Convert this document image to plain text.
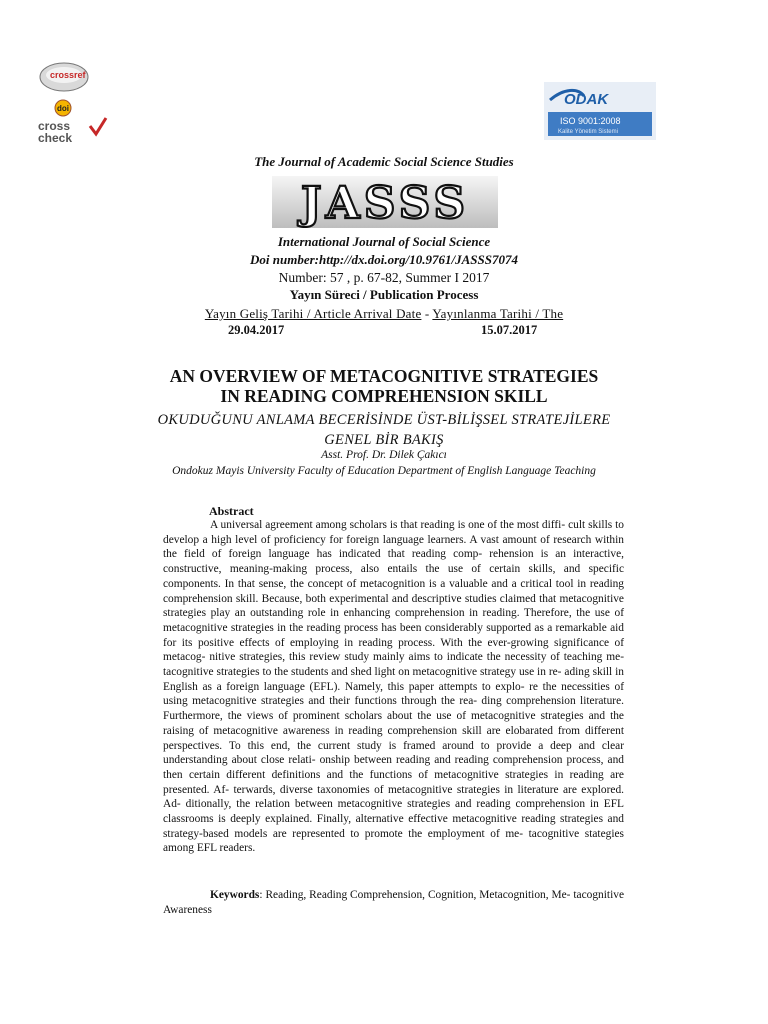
crossref
doi
cross
check
ODAK
ISO 9001:2008
Kalite Yönetim Sistemi
The Journal of Academic Social Science Studies
JASSS
International Journal of Social Science
Doi number:http://dx.doi.org/10.9761/JASSS7074
Number: 57 , p. 67-82, Summer I 2017
Yayın Süreci / Publication Process
Yayın Geliş Tarihi / Article Arrival Date - Yayınlanma Tarihi / The
29.04.2017	15.07.2017
AN OVERVIEW OF METACOGNITIVE STRATEGIES
IN READING COMPREHENSION SKILL
OKUDUĞUNU ANLAMA BECERİSİNDE ÜST-BİLİŞSEL STRATEJİLERE
GENEL BİR BAKIŞ
Asst. Prof. Dr. Dilek Çakıcı
Ondokuz Mayis University Faculty of Education Department of English Language Teaching
Abstract
A universal agreement among scholars is that reading is one of the most diffi- cult skills to develop a high level of proficiency for foreign language learners. A vast amount of research within the field of foreign language has indicated that reading comp- rehension is an interactive, constructive, meaning-making process, also entails the use of certain skills, and specific components. In that sense, the concept of metacognition is a valuable and a critical tool in reading comprehension skill. Because, both experimental and descriptive studies claimed that metacognitive strategies play an outstanding role in enhancing comprehension in reading. Therefore, the use of metacognitive strategies in the reading process has been considerably supported as a remarkable aid for its positive effects of employing in reading process. With the ever-growing significance of metacog- nitive strategies, this review study mainly aims to indicate the necessity of teaching me- tacognitive strategies to the students and shed light on metacognitive strategy use in re- ading skill in English as a foreign language (EFL). Namely, this paper attempts to explo- re the necessities of using metacognitive strategies and their functions through the rea- ding comprehension literature. Furthermore, the views of prominent scholars about the use of metacognitive strategies and the raising of metacognitive awareness in reading comprehension skill are elobarated from different perspectives. To this end, the current study is framed around to provide a deep and clear understanding about close relati- onship between reading and reading comprehension process, and then certain different definitions and the functions of metacognitive strategies in reading are presented. Af- terwards, diverse taxonomies of metacognitive strategies in literature are explored. Ad- ditionally, the relation between metacognitive strategies and reading comprehension in EFL classrooms is deeply explained. Finally, alternative effective metacognitive reading strategies and strategy-based models are represented to promote the employment of me- tacognitive stategies among EFL readers.
Keywords: Reading, Reading Comprehension, Cognition, Metacognition, Me- tacognitive Awareness
